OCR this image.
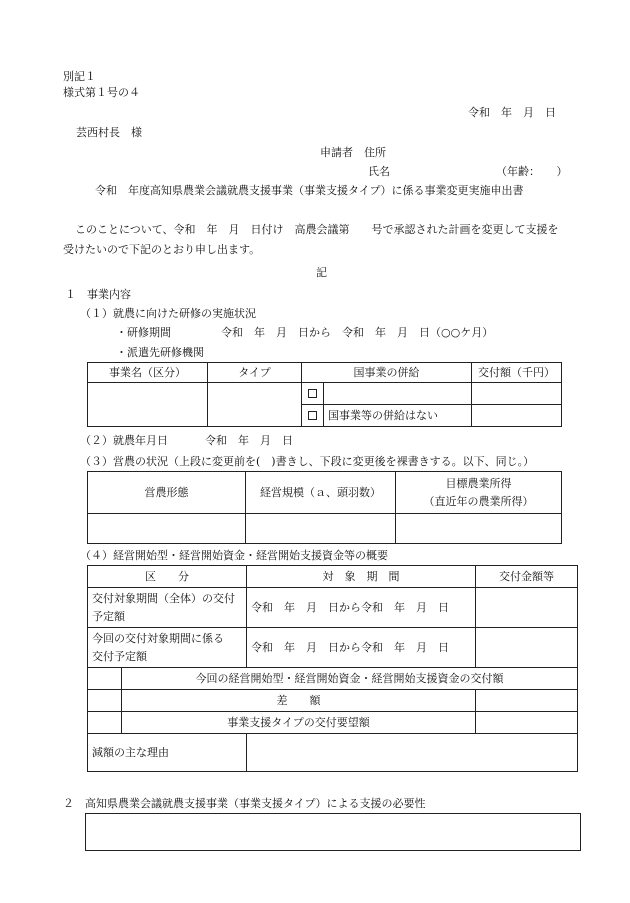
別記１
様式第１号の４
令和　年　月　日
芸西村長　様
申請者　住所
氏名	（年齢：　　）
令和　年度高知県農業会議就農支援事業（事業支援タイプ）に係る事業変更実施申出書
このことについて、令和　年　月　日付け　高農会議第　　号で承認された計画を変更して支援を
受けたいので下記のとおり申し出ます。
記
１　事業内容
（１）就農に向けた研修の実施状況
・研修期間	令和　年　月　日から　令和　年　月　日（○○ケ月）
・派遣先研修機関
事業名（区分）	タイプ	国事業の併給		交付額（千円）

			国事業等の併給はない	
（２）就農年月日	令和　年　月　日
（３）営農の状況（上段に変更前を(　)書きし、下段に変更後を裸書きする。以下、同じ。）
営農形態	経営規模（ａ、頭羽数）	目標農業所得
（直近年の農業所得）

（４）経営開始型・経営開始資金・経営開始支援資金等の概要
区　　分		対　象　期　間	交付金額等

交付対象期間（全体）の交付
予定額		令和　年　月　日から令和　年　月　日	

今回の交付対象期間に係る
交付予定額		令和　年　月　日から令和　年　月　日	
	今回の経営開始型・経営開始資金・経営開始支援資金の交付額		
	差　　額		
	事業支援タイプの交付要望額		
減額の主な理由			
２　高知県農業会議就農支援事業（事業支援タイプ）による支援の必要性
